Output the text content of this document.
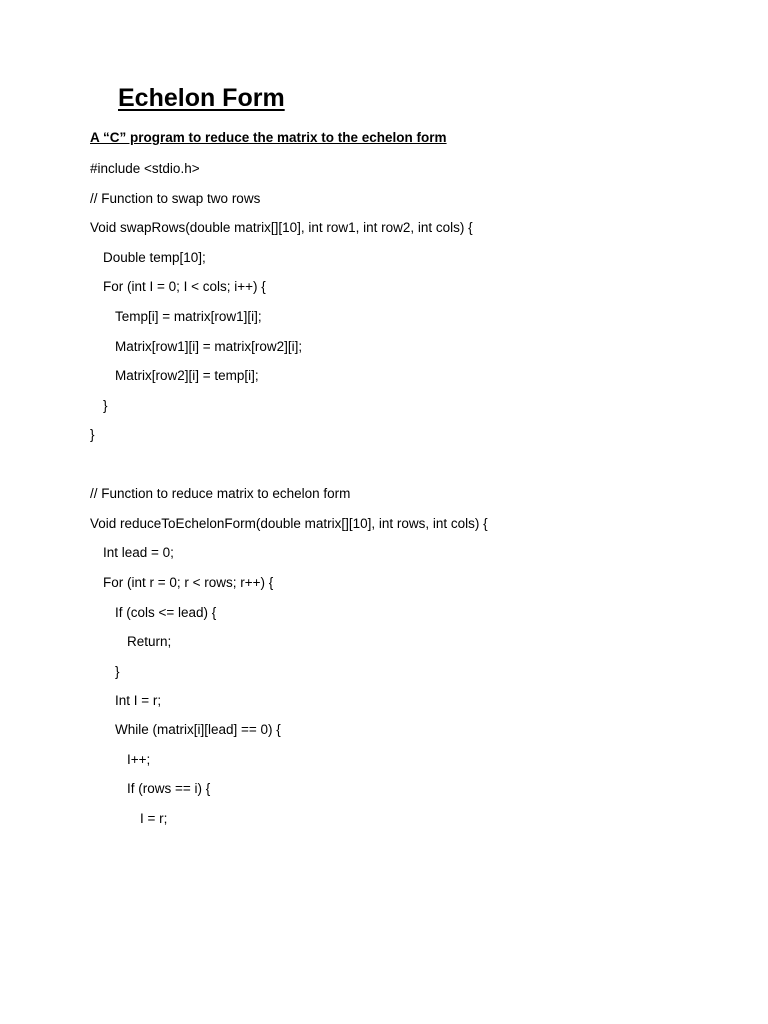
Echelon Form

A “C” program to reduce the matrix to the echelon form

#include <stdio.h>

// Function to swap two rows

Void swapRows(double matrix[][10], int row1, int row2, int cols) {

Double temp[10];

For (int I = 0; I < cols; i++) {

Temp[i] = matrix[row1][i];

Matrix[row1][i] = matrix[row2][i];

Matrix[row2][i] = temp[i];

}

}

// Function to reduce matrix to echelon form

Void reduceToEchelonForm(double matrix[][10], int rows, int cols) {

Int lead = 0;

For (int r = 0; r < rows; r++) {

If (cols <= lead) {

Return;

}

Int I = r;

While (matrix[i][lead] == 0) {

I++;

If (rows == i) {

I = r;
